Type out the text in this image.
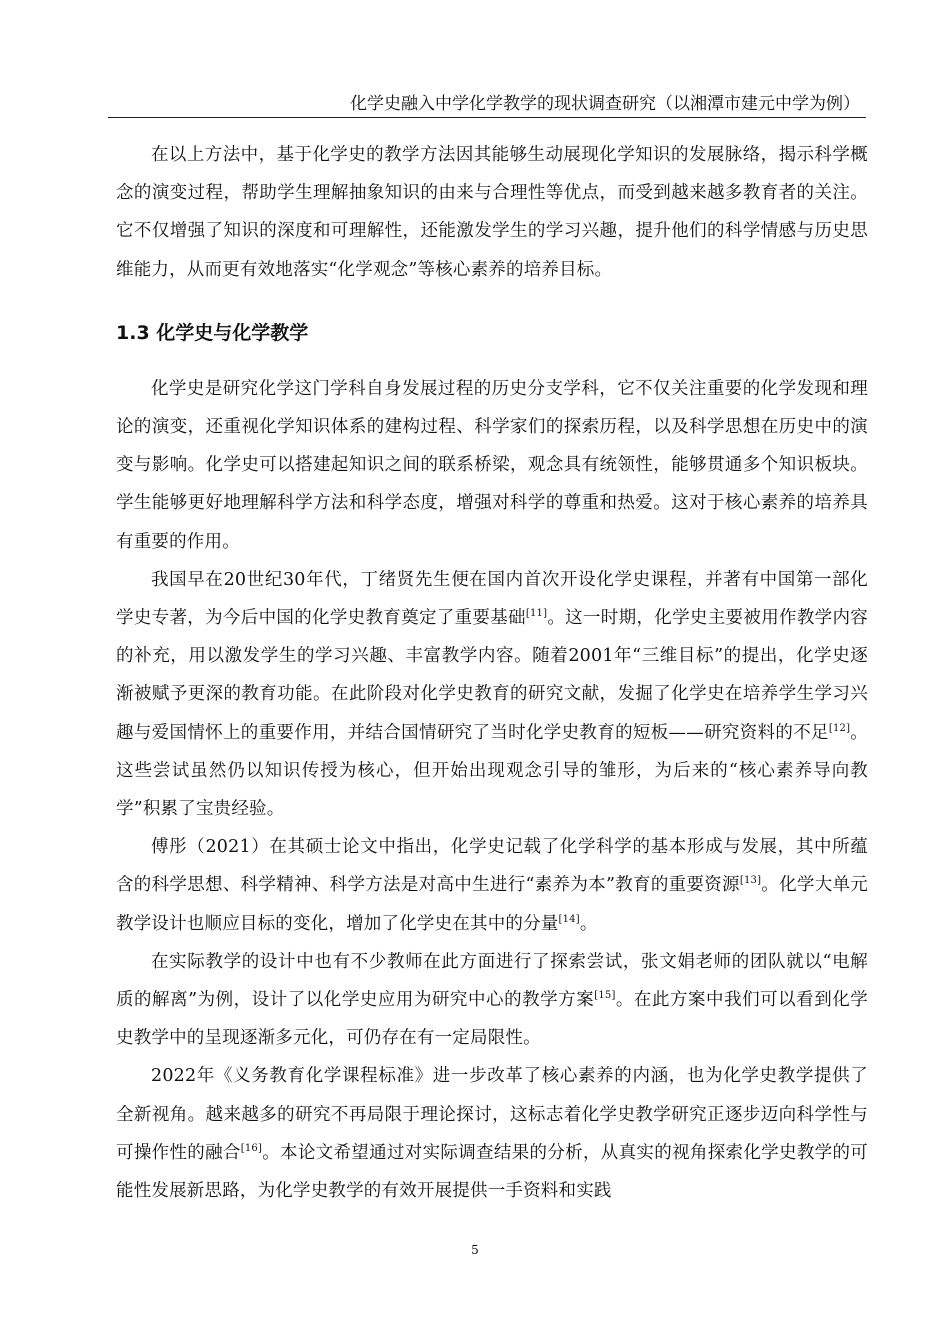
化学史融入中学化学教学的现状调查研究（以湘潭市建元中学为例）

在以上方法中，基于化学史的教学方法因其能够生动展现化学知识的发展脉络，揭示科学概念的演变过程，帮助学生理解抽象知识的由来与合理性等优点，而受到越来越多教育者的关注。它不仅增强了知识的深度和可理解性，还能激发学生的学习兴趣，提升他们的科学情感与历史思维能力，从而更有效地落实“化学观念”等核心素养的培养目标。

1.3 化学史与化学教学

化学史是研究化学这门学科自身发展过程的历史分支学科，它不仅关注重要的化学发现和理论的演变，还重视化学知识体系的建构过程、科学家们的探索历程，以及科学思想在历史中的演变与影响。化学史可以搭建起知识之间的联系桥梁，观念具有统领性，能够贯通多个知识板块。学生能够更好地理解科学方法和科学态度，增强对科学的尊重和热爱。这对于核心素养的培养具有重要的作用。

我国早在20世纪30年代，丁绪贤先生便在国内首次开设化学史课程，并著有中国第一部化学史专著，为今后中国的化学史教育奠定了重要基础[11]。这一时期，化学史主要被用作教学内容的补充，用以激发学生的学习兴趣、丰富教学内容。随着2001年“三维目标”的提出，化学史逐渐被赋予更深的教育功能。在此阶段对化学史教育的研究文献，发掘了化学史在培养学生学习兴趣与爱国情怀上的重要作用，并结合国情研究了当时化学史教育的短板——研究资料的不足[12]。这些尝试虽然仍以知识传授为核心，但开始出现观念引导的雏形，为后来的“核心素养导向教学”积累了宝贵经验。

傅彤（2021）在其硕士论文中指出，化学史记载了化学科学的基本形成与发展，其中所蕴含的科学思想、科学精神、科学方法是对高中生进行“素养为本”教育的重要资源[13]。化学大单元教学设计也顺应目标的变化，增加了化学史在其中的分量[14]。

在实际教学的设计中也有不少教师在此方面进行了探索尝试，张文娟老师的团队就以“电解质的解离”为例，设计了以化学史应用为研究中心的教学方案[15]。在此方案中我们可以看到化学史教学中的呈现逐渐多元化，可仍存在有一定局限性。

2022年《义务教育化学课程标准》进一步改革了核心素养的内涵，也为化学史教学提供了全新视角。越来越多的研究不再局限于理论探讨，这标志着化学史教学研究正逐步迈向科学性与可操作性的融合[16]。本论文希望通过对实际调查结果的分析，从真实的视角探索化学史教学的可能性发展新思路，为化学史教学的有效开展提供一手资料和实践

5
